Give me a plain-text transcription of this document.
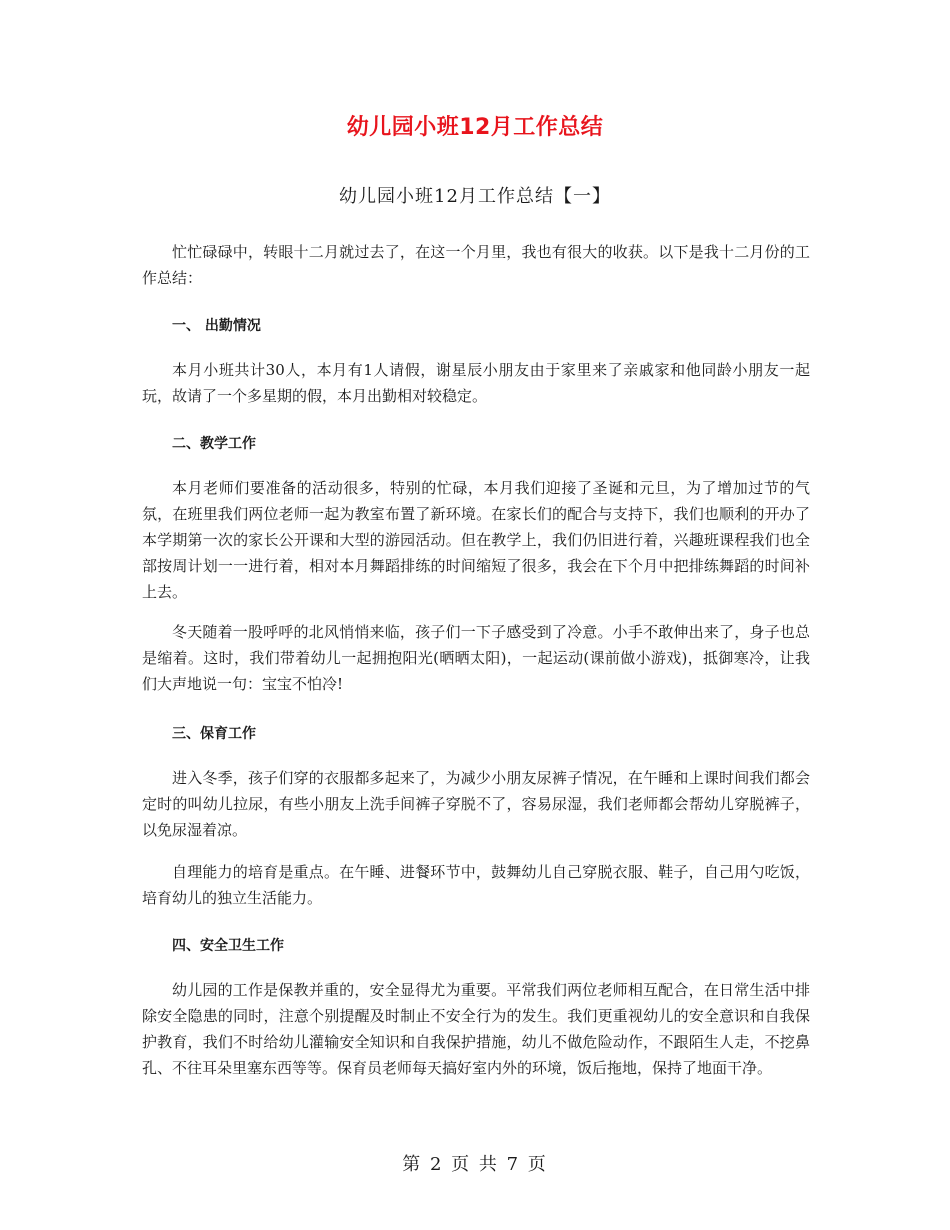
幼儿园小班12月工作总结
幼儿园小班12月工作总结【一】

忙忙碌碌中，转眼十二月就过去了，在这一个月里，我也有很大的收获。以下是我十二月份的工作总结：

一、 出勤情况

本月小班共计30人，本月有1人请假，谢星辰小朋友由于家里来了亲戚家和他同龄小朋友一起玩，故请了一个多星期的假，本月出勤相对较稳定。

二、教学工作

本月老师们要准备的活动很多，特别的忙碌，本月我们迎接了圣诞和元旦，为了增加过节的气氛，在班里我们两位老师一起为教室布置了新环境。在家长们的配合与支持下，我们也顺利的开办了本学期第一次的家长公开课和大型的游园活动。但在教学上，我们仍旧进行着，兴趣班课程我们也全部按周计划一一进行着，相对本月舞蹈排练的时间缩短了很多，我会在下个月中把排练舞蹈的时间补上去。

冬天随着一股呼呼的北风悄悄来临，孩子们一下子感受到了冷意。小手不敢伸出来了，身子也总是缩着。这时，我们带着幼儿一起拥抱阳光(晒晒太阳)，一起运动(课前做小游戏)，抵御寒冷，让我们大声地说一句：宝宝不怕冷!

三、保育工作

进入冬季，孩子们穿的衣服都多起来了，为减少小朋友尿裤子情况，在午睡和上课时间我们都会定时的叫幼儿拉尿，有些小朋友上洗手间裤子穿脱不了，容易尿湿，我们老师都会帮幼儿穿脱裤子，以免尿湿着凉。

自理能力的培育是重点。在午睡、进餐环节中，鼓舞幼儿自己穿脱衣服、鞋子，自己用勺吃饭，培育幼儿的独立生活能力。

四、安全卫生工作

幼儿园的工作是保教并重的，安全显得尤为重要。平常我们两位老师相互配合，在日常生活中排除安全隐患的同时，注意个别提醒及时制止不安全行为的发生。我们更重视幼儿的安全意识和自我保护教育，我们不时给幼儿灌输安全知识和自我保护措施，幼儿不做危险动作，不跟陌生人走，不挖鼻孔、不往耳朵里塞东西等等。保育员老师每天搞好室内外的环境，饭后拖地，保持了地面干净。

第 2 页 共 7 页
